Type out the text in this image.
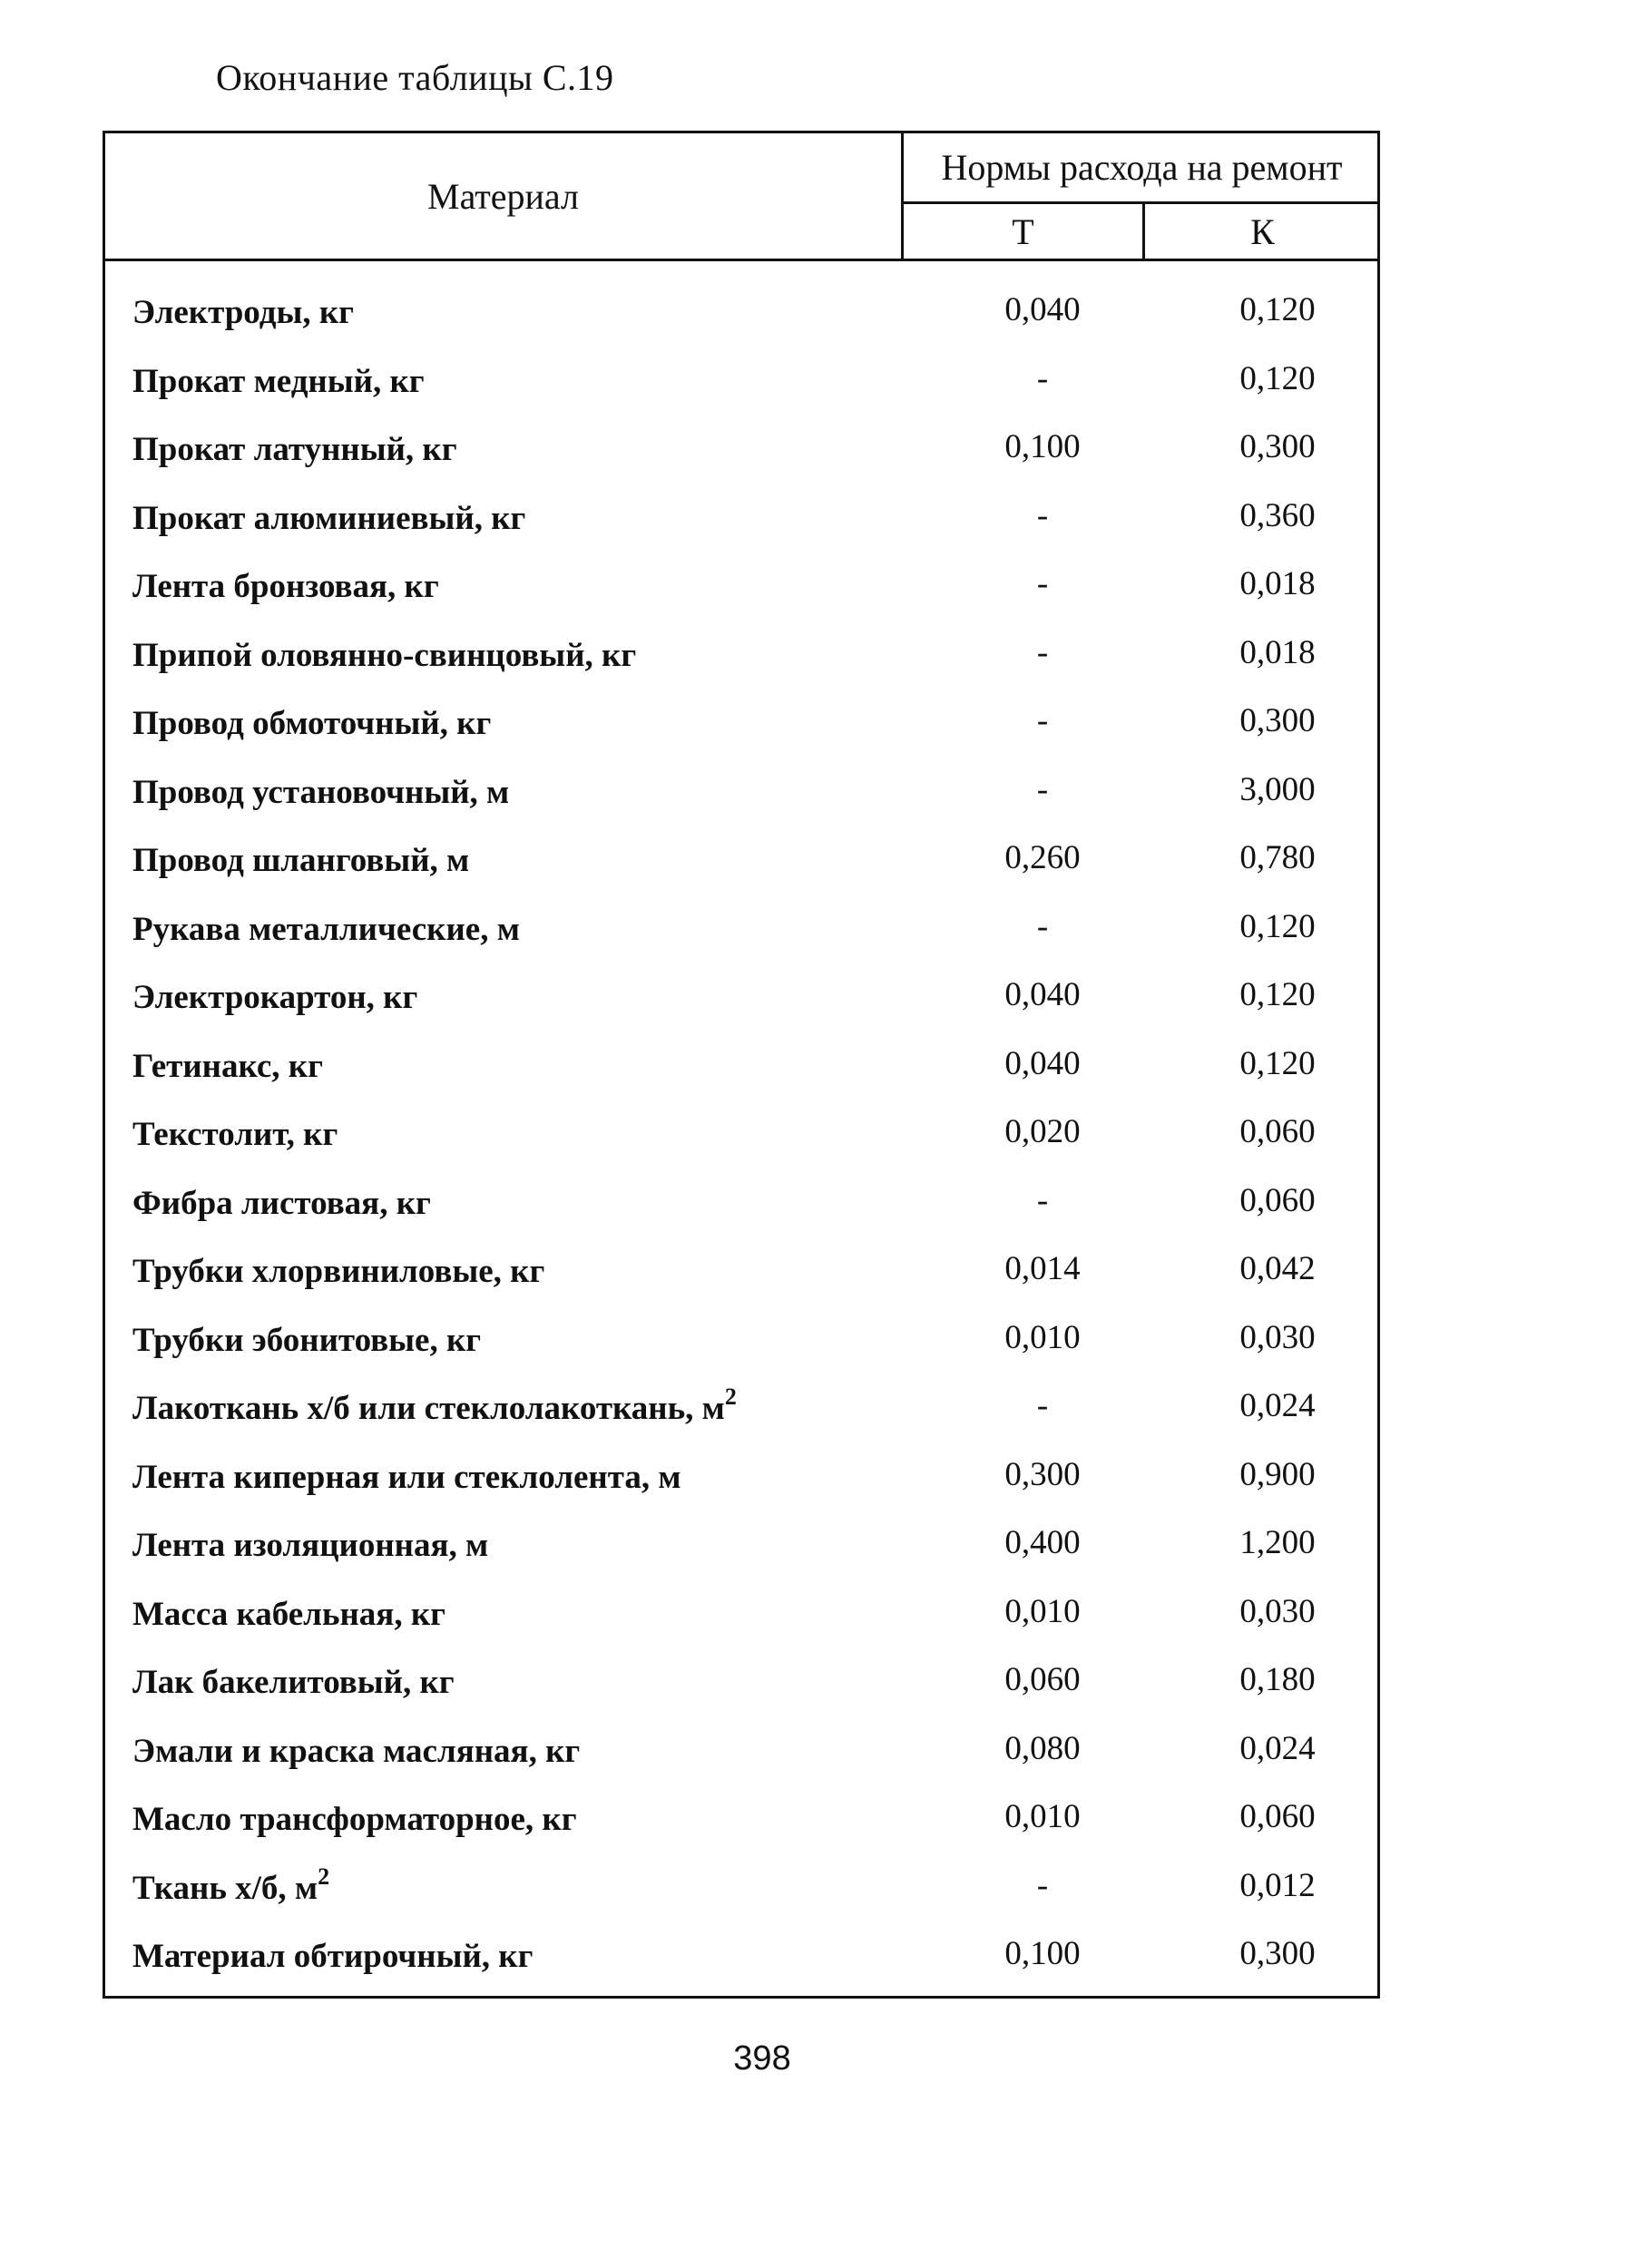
Окончание таблицы С.19
Материал
Нормы расхода на ремонт
Т	К
Электроды, кг	0,040	0,120
Прокат медный, кг	-	0,120
Прокат латунный, кг	0,100	0,300
Прокат алюминиевый, кг	-	0,360
Лента бронзовая, кг	-	0,018
Припой оловянно-свинцовый, кг	-	0,018
Провод обмоточный, кг	-	0,300
Провод установочный, м	-	3,000
Провод шланговый, м	0,260	0,780
Рукава металлические, м	-	0,120
Электрокартон, кг	0,040	0,120
Гетинакс, кг	0,040	0,120
Текстолит, кг	0,020	0,060
Фибра листовая, кг	-	0,060
Трубки хлорвиниловые, кг	0,014	0,042
Трубки эбонитовые, кг	0,010	0,030
Лакоткань х/б или стеклолакоткань, $м^2$	-	0,024
Лента киперная или стеклолента, м	0,300	0,900
Лента изоляционная, м	0,400	1,200
Масса кабельная, кг	0,010	0,030
Лак бакелитовый, кг	0,060	0,180
Эмали и краска масляная, кг	0,080	0,024
Масло трансформаторное, кг	0,010	0,060
Ткань х/б, $м^2$	-	0,012
Материал обтирочный, кг	0,100	0,300
398
